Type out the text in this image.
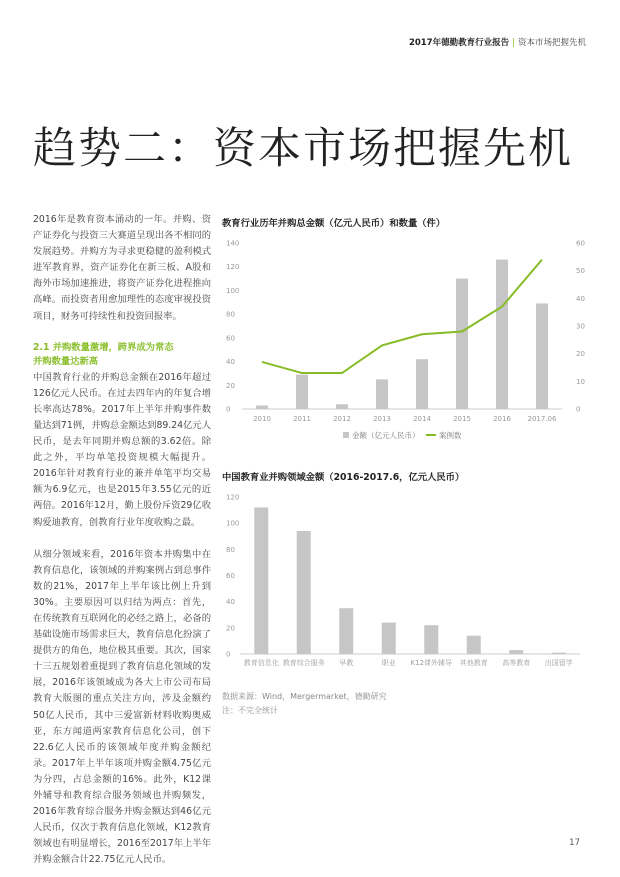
2017年德勤教育行业报告 | 资本市场把握先机
趋势二：资本市场把握先机

2016年是教育资本涌动的一年。并购、资产证券化与投资三大赛道呈现出各不相同的发展趋势。并购方为寻求更稳健的盈利模式进军教育界，资产证券化在新三板、A股和海外市场加速推进，将资产证券化进程推向高峰。而投资者用愈加理性的态度审视投资项目，财务可持续性和投资回报率。

2.1 并购数量激增，跨界成为常态
并购数量达新高

中国教育行业的并购总金额在2016年超过126亿元人民币。在过去四年内的年复合增长率高达78%。2017年上半年并购事件数量达到71例，并购总金额达到89.24亿元人民币，是去年同期并购总额的3.62倍。除此之外，平均单笔投资规模大幅提升。2016年针对教育行业的兼并单笔平均交易额为6.9亿元，也是2015年3.55亿元的近两倍。2016年12月，勤上股份斥资29亿收购爱迪教育，创教育行业年度收购之最。

从细分领域来看，2016年资本并购集中在教育信息化，该领域的并购案例占到总事件数的21%，2017年上半年该比例上升到30%。主要原因可以归结为两点：首先，在传统教育互联网化的必经之路上，必备的基础设施市场需求巨大，教育信息化扮演了提供方的角色，地位极其重要。其次，国家十三五规划着重提到了教育信息化领域的发展，2016年该领域成为各大上市公司布局教育大版图的重点关注方向，涉及金额约50亿人民币，其中三爱富新材料收购奥威亚，东方闻道两家教育信息化公司，创下22.6亿人民币的该领域年度并购金额纪录。2017年上半年该项并购金额4.75亿元为分四，占总金额的16%。此外，K12课外辅导和教育综合服务领域也并购频发，2016年教育综合服务并购金额达到46亿元人民币，仅次于教育信息化领域，K12教育领域也有明显增长，2016至2017年上半年并购金额合计22.75亿元人民币。

教育行业历年并购总金额（亿元人民币）和数量（件）
0
20
40
60
80
100
120
140
0
10
20
30
40
50
60
2010	2011	2012	2013	2014	2015	2016 2017.06
金额（亿元人民币）	案例数
中国教育业并购领域金额（2016-2017.6，亿元人民币）
0
20
40
60
80
100
120
教育信息化 教育综合服务 早教	职业 K12课外辅导 其他教育 高等教育 出国留学
数据来源：Wind，Mergermarket，德勤研究
注：不完全统计
17
